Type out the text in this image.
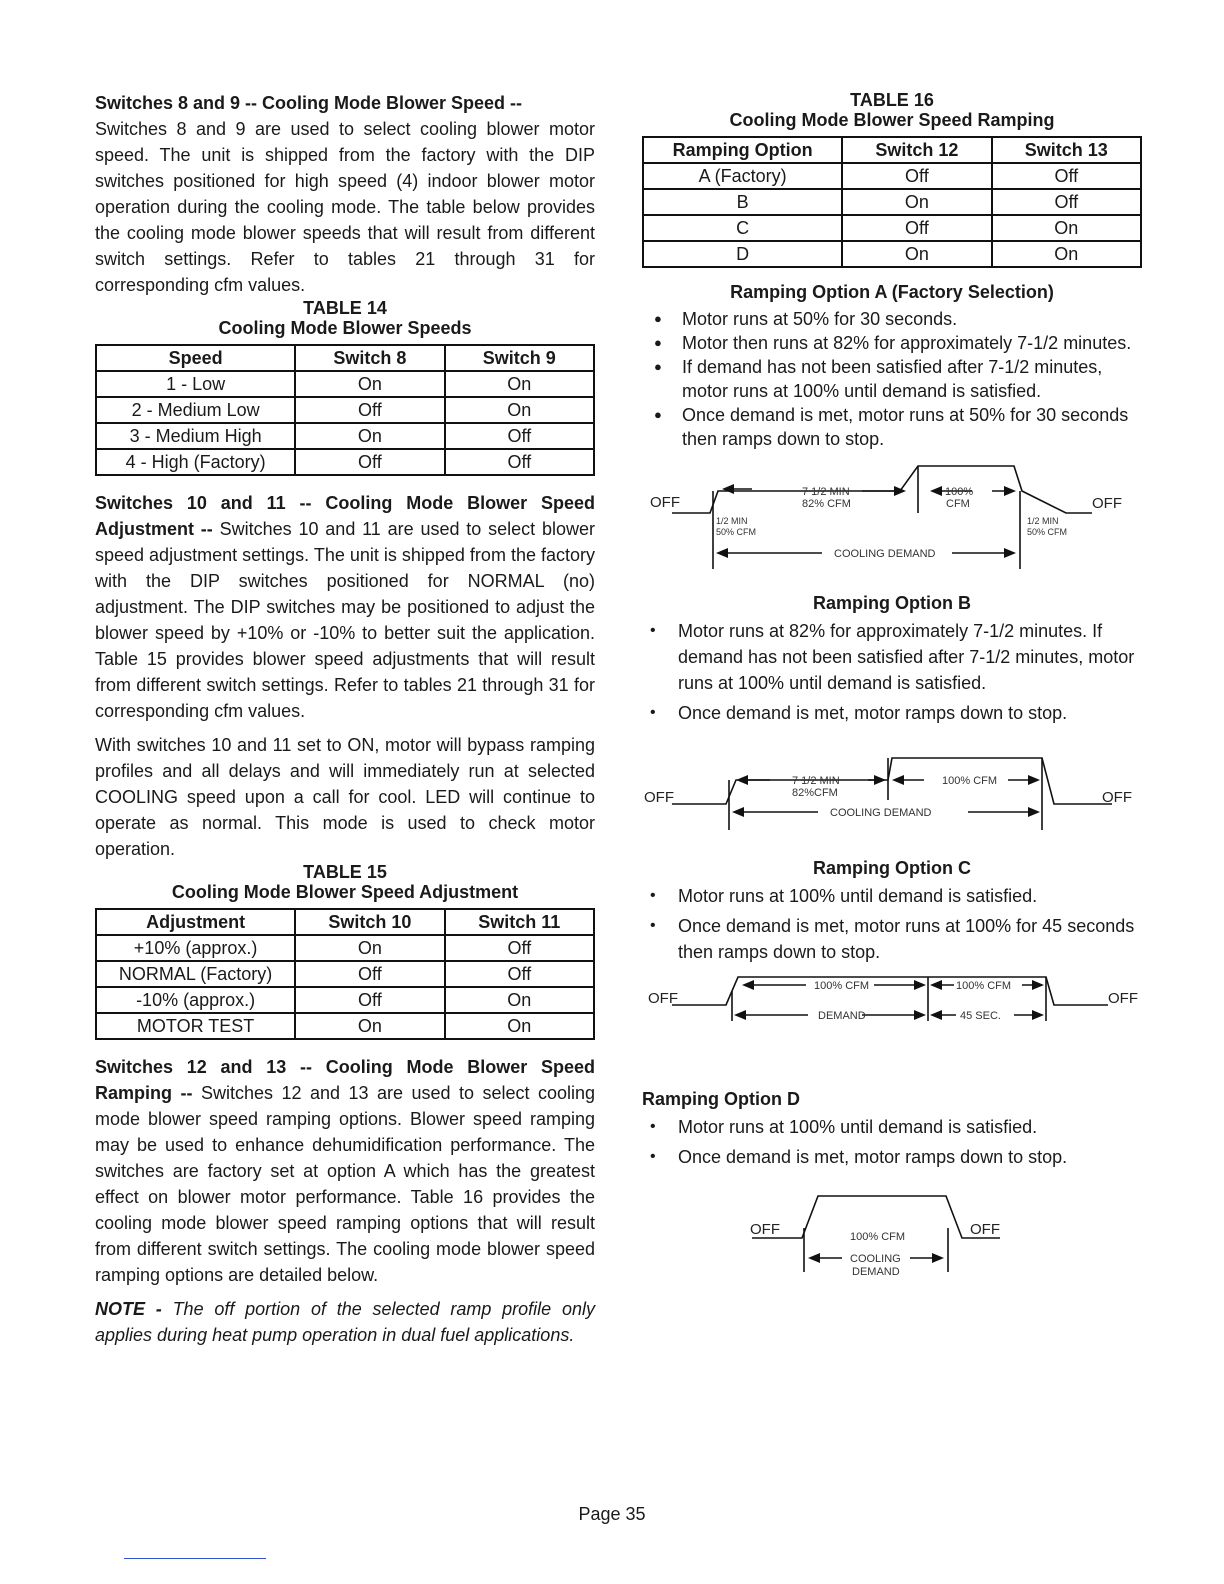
Switches 8 and 9 -- Cooling Mode Blower Speed --
Switches 8 and 9 are used to select cooling blower motor speed. The unit is shipped from the factory with the DIP switches positioned for high speed (4) indoor blower motor operation during the cooling mode. The table below provides the cooling mode blower speeds that will result from different switch settings. Refer to tables 21 through 31 for corresponding cfm values.

TABLE 14
Cooling Mode Blower Speeds
Speed	Switch 8	Switch 9
1 - Low	On	On
2 - Medium Low	Off	On
3 - Medium High	On	Off
4 - High (Factory)	Off	Off

Switches 10 and 11 -- Cooling Mode Blower Speed Adjustment -- Switches 10 and 11 are used to select blower speed adjustment settings. The unit is shipped from the factory with the DIP switches positioned for NORMAL (no) adjustment. The DIP switches may be positioned to adjust the blower speed by +10% or -10% to better suit the application. Table 15 provides blower speed adjustments that will result from different switch settings. Refer to tables 21 through 31 for corresponding cfm values.

With switches 10 and 11 set to ON, motor will bypass ramping profiles and all delays and will immediately run at selected COOLING speed upon a call for cool. LED will continue to operate as normal. This mode is used to check motor operation.

TABLE 15
Cooling Mode Blower Speed Adjustment
Adjustment	Switch 10	Switch 11
+10% (approx.)	On	Off
NORMAL (Factory)	Off	Off
-10% (approx.)	Off	On
MOTOR TEST	On	On

Switches 12 and 13 -- Cooling Mode Blower Speed Ramping -- Switches 12 and 13 are used to select cooling mode blower speed ramping options. Blower speed ramping may be used to enhance dehumidification performance. The switches are factory set at option A which has the greatest effect on blower motor performance. Table 16 provides the cooling mode blower speed ramping options that will result from different switch settings. The cooling mode blower speed ramping options are detailed below.

NOTE - The off portion of the selected ramp profile only applies during heat pump operation in dual fuel applications.

TABLE 16
Cooling Mode Blower Speed Ramping
Ramping Option	Switch 12	Switch 13
A (Factory)	Off	Off
B	On	Off
C	Off	On
D	On	On
Ramping Option A (Factory Selection)
● Motor runs at 50% for 30 seconds.
● Motor then runs at 82% for approximately 7-1/2 minutes.
● If demand has not been satisfied after 7-1/2 minutes, motor runs at 100% until demand is satisfied.
● Once demand is met, motor runs at 50% for 30 seconds then ramps down to stop.
OFF	OFF
1/2 MIN
50% CFM
1/2 MIN
50% CFM
7 1/2 MIN
82% CFM
100%
CFM
COOLING DEMAND
Ramping Option B
• Motor runs at 82% for approximately 7-1/2 minutes. If demand has not been satisfied after 7-1/2 minutes, motor runs at 100% until demand is satisfied.
• Once demand is met, motor ramps down to stop.
OFF	OFF
7 1/2 MIN
82%CFM
100% CFM
COOLING DEMAND
Ramping Option C
• Motor runs at 100% until demand is satisfied.
• Once demand is met, motor runs at 100% for 45 seconds then ramps down to stop.
OFF	OFF
100% CFM	100% CFM
DEMAND	45 SEC.
Ramping Option D
• Motor runs at 100% until demand is satisfied.
• Once demand is met, motor ramps down to stop.
OFF	OFF
100% CFM
COOLING
DEMAND
Page 35
